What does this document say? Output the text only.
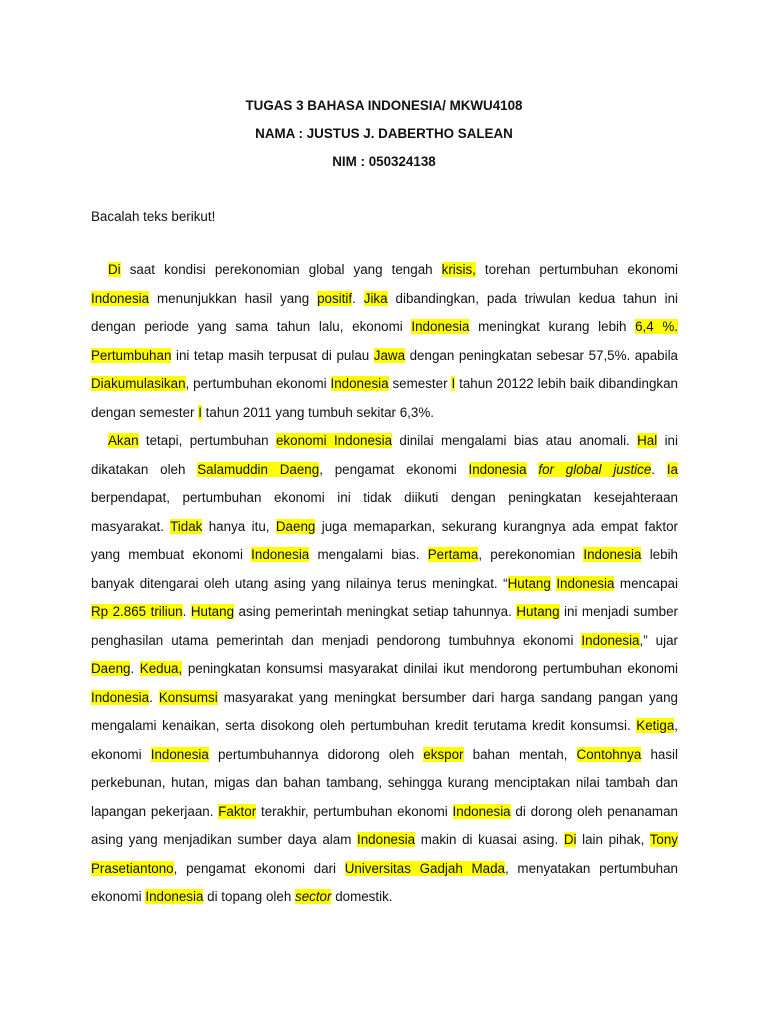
TUGAS 3 BAHASA INDONESIA/ MKWU4108
NAMA : JUSTUS J. DABERTHO SALEAN
NIM : 050324138
Bacalah teks berikut!

Di saat kondisi perekonomian global yang tengah krisis, torehan pertumbuhan ekonomi Indonesia menunjukkan hasil yang positif. Jika dibandingkan, pada triwulan kedua tahun ini dengan periode yang sama tahun lalu, ekonomi Indonesia meningkat kurang lebih 6,4 %. Pertumbuhan ini tetap masih terpusat di pulau Jawa dengan peningkatan sebesar 57,5%. apabila Diakumulasikan, pertumbuhan ekonomi Indonesia semester I tahun 20122 lebih baik dibandingkan dengan semester I tahun 2011 yang tumbuh sekitar 6,3%.

Akan tetapi, pertumbuhan ekonomi Indonesia dinilai mengalami bias atau anomali. Hal ini dikatakan oleh Salamuddin Daeng, pengamat ekonomi Indonesia for global justice. Ia berpendapat, pertumbuhan ekonomi ini tidak diikuti dengan peningkatan kesejahteraan masyarakat. Tidak hanya itu, Daeng juga memaparkan, sekurang kurangnya ada empat faktor yang membuat ekonomi Indonesia mengalami bias. Pertama, perekonomian Indonesia lebih banyak ditengarai oleh utang asing yang nilainya terus meningkat. “Hutang Indonesia mencapai Rp 2.865 triliun. Hutang asing pemerintah meningkat setiap tahunnya. Hutang ini menjadi sumber penghasilan utama pemerintah dan menjadi pendorong tumbuhnya ekonomi Indonesia,” ujar Daeng. Kedua, peningkatan konsumsi masyarakat dinilai ikut mendorong pertumbuhan ekonomi Indonesia. Konsumsi masyarakat yang meningkat bersumber dari harga sandang pangan yang mengalami kenaikan, serta disokong oleh pertumbuhan kredit terutama kredit konsumsi. Ketiga, ekonomi Indonesia pertumbuhannya didorong oleh ekspor bahan mentah, Contohnya hasil perkebunan, hutan, migas dan bahan tambang, sehingga kurang menciptakan nilai tambah dan lapangan pekerjaan. Faktor terakhir, pertumbuhan ekonomi Indonesia di dorong oleh penanaman asing yang menjadikan sumber daya alam Indonesia makin di kuasai asing. Di lain pihak, Tony Prasetiantono, pengamat ekonomi dari Universitas Gadjah Mada, menyatakan pertumbuhan ekonomi Indonesia di topang oleh sector domestik.
